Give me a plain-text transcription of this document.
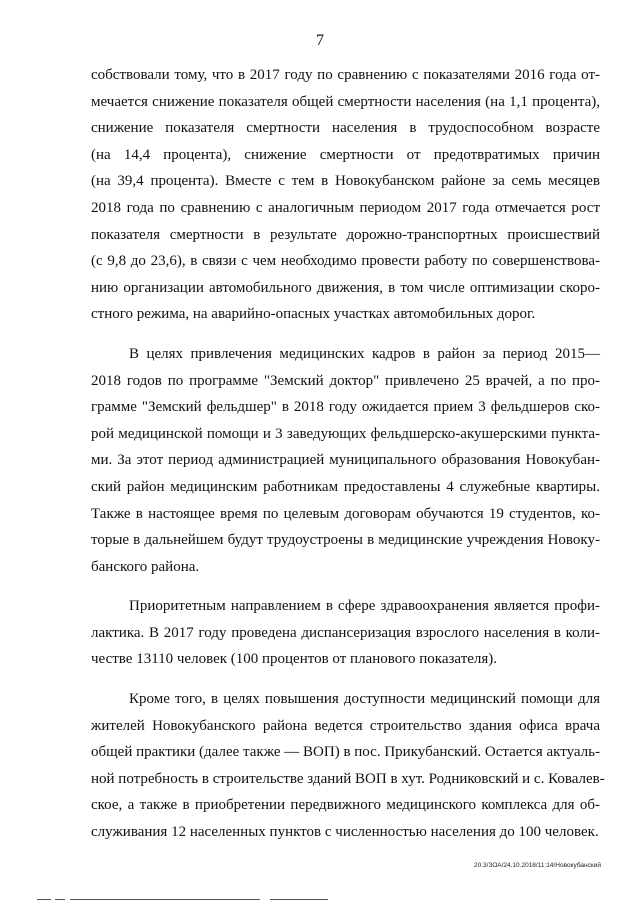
7
собствовали тому, что в 2017 году по сравнению с показателями 2016 года от-
мечается снижение показателя общей смертности населения (на 1,1 процента),
снижение показателя смертности населения в трудоспособном возрасте
(на 14,4 процента), снижение смертности от предотвратимых причин
(на 39,4 процента). Вместе с тем в Новокубанском районе за семь месяцев
2018 года по сравнению с аналогичным периодом 2017 года отмечается рост
показателя смертности в результате дорожно-транспортных происшествий
(с 9,8 до 23,6), в связи с чем необходимо провести работу по совершенствова-
нию организации автомобильного движения, в том числе оптимизации скоро-
стного режима, на аварийно-опасных участках автомобильных дорог.
В целях привлечения медицинских кадров в район за период 2015—
2018 годов по программе "Земский доктор" привлечено 25 врачей, а по про-
грамме "Земский фельдшер" в 2018 году ожидается прием 3 фельдшеров ско-
рой медицинской помощи и 3 заведующих фельдшерско-акушерскими пункта-
ми. За этот период администрацией муниципального образования Новокубан-
ский район медицинским работникам предоставлены 4 служебные квартиры.
Также в настоящее время по целевым договорам обучаются 19 студентов, ко-
торые в дальнейшем будут трудоустроены в медицинские учреждения Новоку-
банского района.
Приоритетным направлением в сфере здравоохранения является профи-
лактика. В 2017 году проведена диспансеризация взрослого населения в коли-
честве 13110 человек (100 процентов от планового показателя).
Кроме того, в целях повышения доступности медицинский помощи для
жителей Новокубанского района ведется строительство здания офиса врача
общей практики (далее также — ВОП) в пос. Прикубанский. Остается актуаль-
ной потребность в строительстве зданий ВОП в хут. Родниковский и с. Ковалев-
ское, а также в приобретении передвижного медицинского комплекса для об-
служивания 12 населенных пунктов с численностью населения до 100 человек.
20.3/ЗОА/24.10.2018/11:14/Новокубанский
